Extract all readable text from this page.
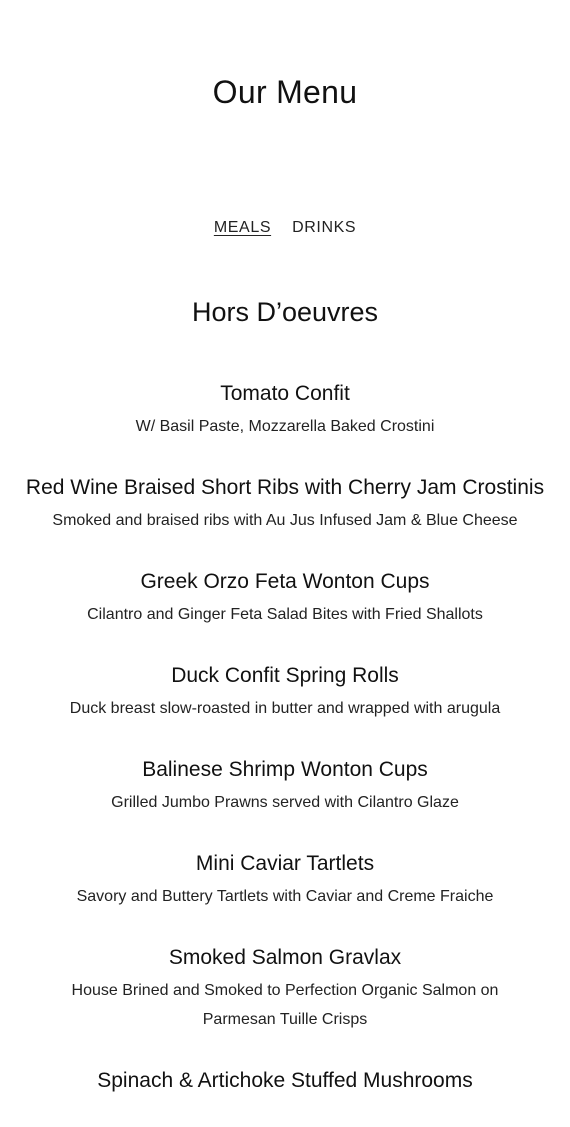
Our Menu
MEALS DRINKS
Hors D’oeuvres
Tomato Confit
W/ Basil Paste, Mozzarella Baked Crostini
Red Wine Braised Short Ribs with Cherry Jam Crostinis
Smoked and braised ribs with Au Jus Infused Jam & Blue Cheese
Greek Orzo Feta Wonton Cups
Cilantro and Ginger Feta Salad Bites with Fried Shallots
Duck Confit Spring Rolls
Duck breast slow-roasted in butter and wrapped with arugula
Balinese Shrimp Wonton Cups
Grilled Jumbo Prawns served with Cilantro Glaze
Mini Caviar Tartlets
Savory and Buttery Tartlets with Caviar and Creme Fraiche
Smoked Salmon Gravlax
House Brined and Smoked to Perfection Organic Salmon on Parmesan Tuille Crisps
Spinach & Artichoke Stuffed Mushrooms
